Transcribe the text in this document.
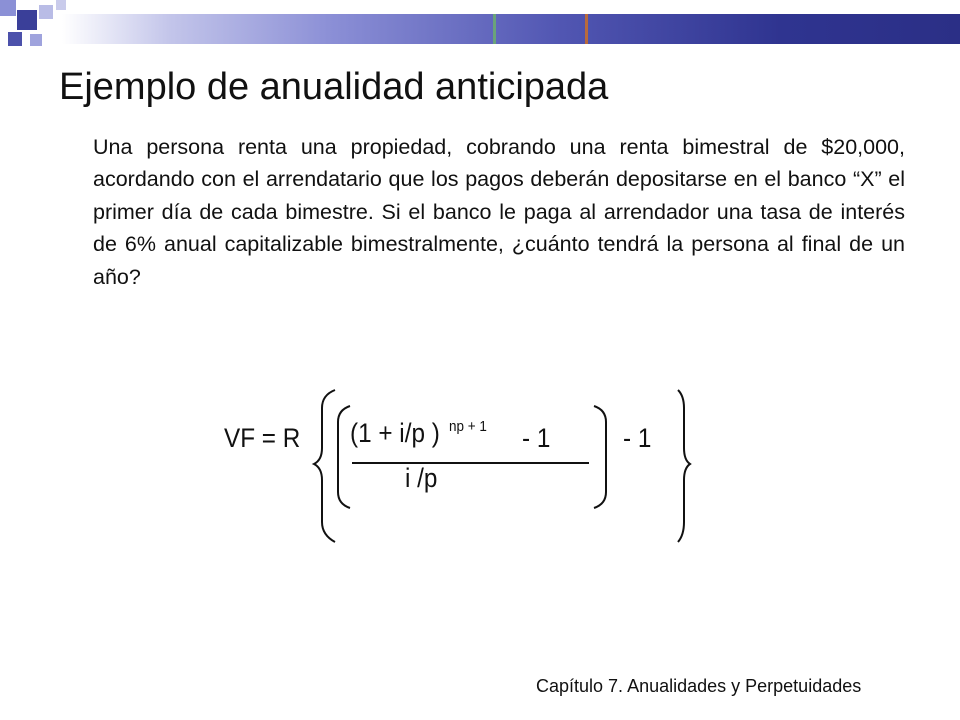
Ejemplo de anualidad anticipada

Una persona renta una propiedad, cobrando una renta bimestral de $20,000, acordando con el arrendatario que los pagos deberán depositarse en el banco “X” el primer día de cada bimestre. Si el banco le paga al arrendador una tasa de interés de 6% anual capitalizable bimestralmente, ¿cuánto tendrá la persona al final de un año?

VF = R (1 + i/p ) np + 1 - 1
i /p
- 1

Capítulo 7. Anualidades y Perpetuidades
